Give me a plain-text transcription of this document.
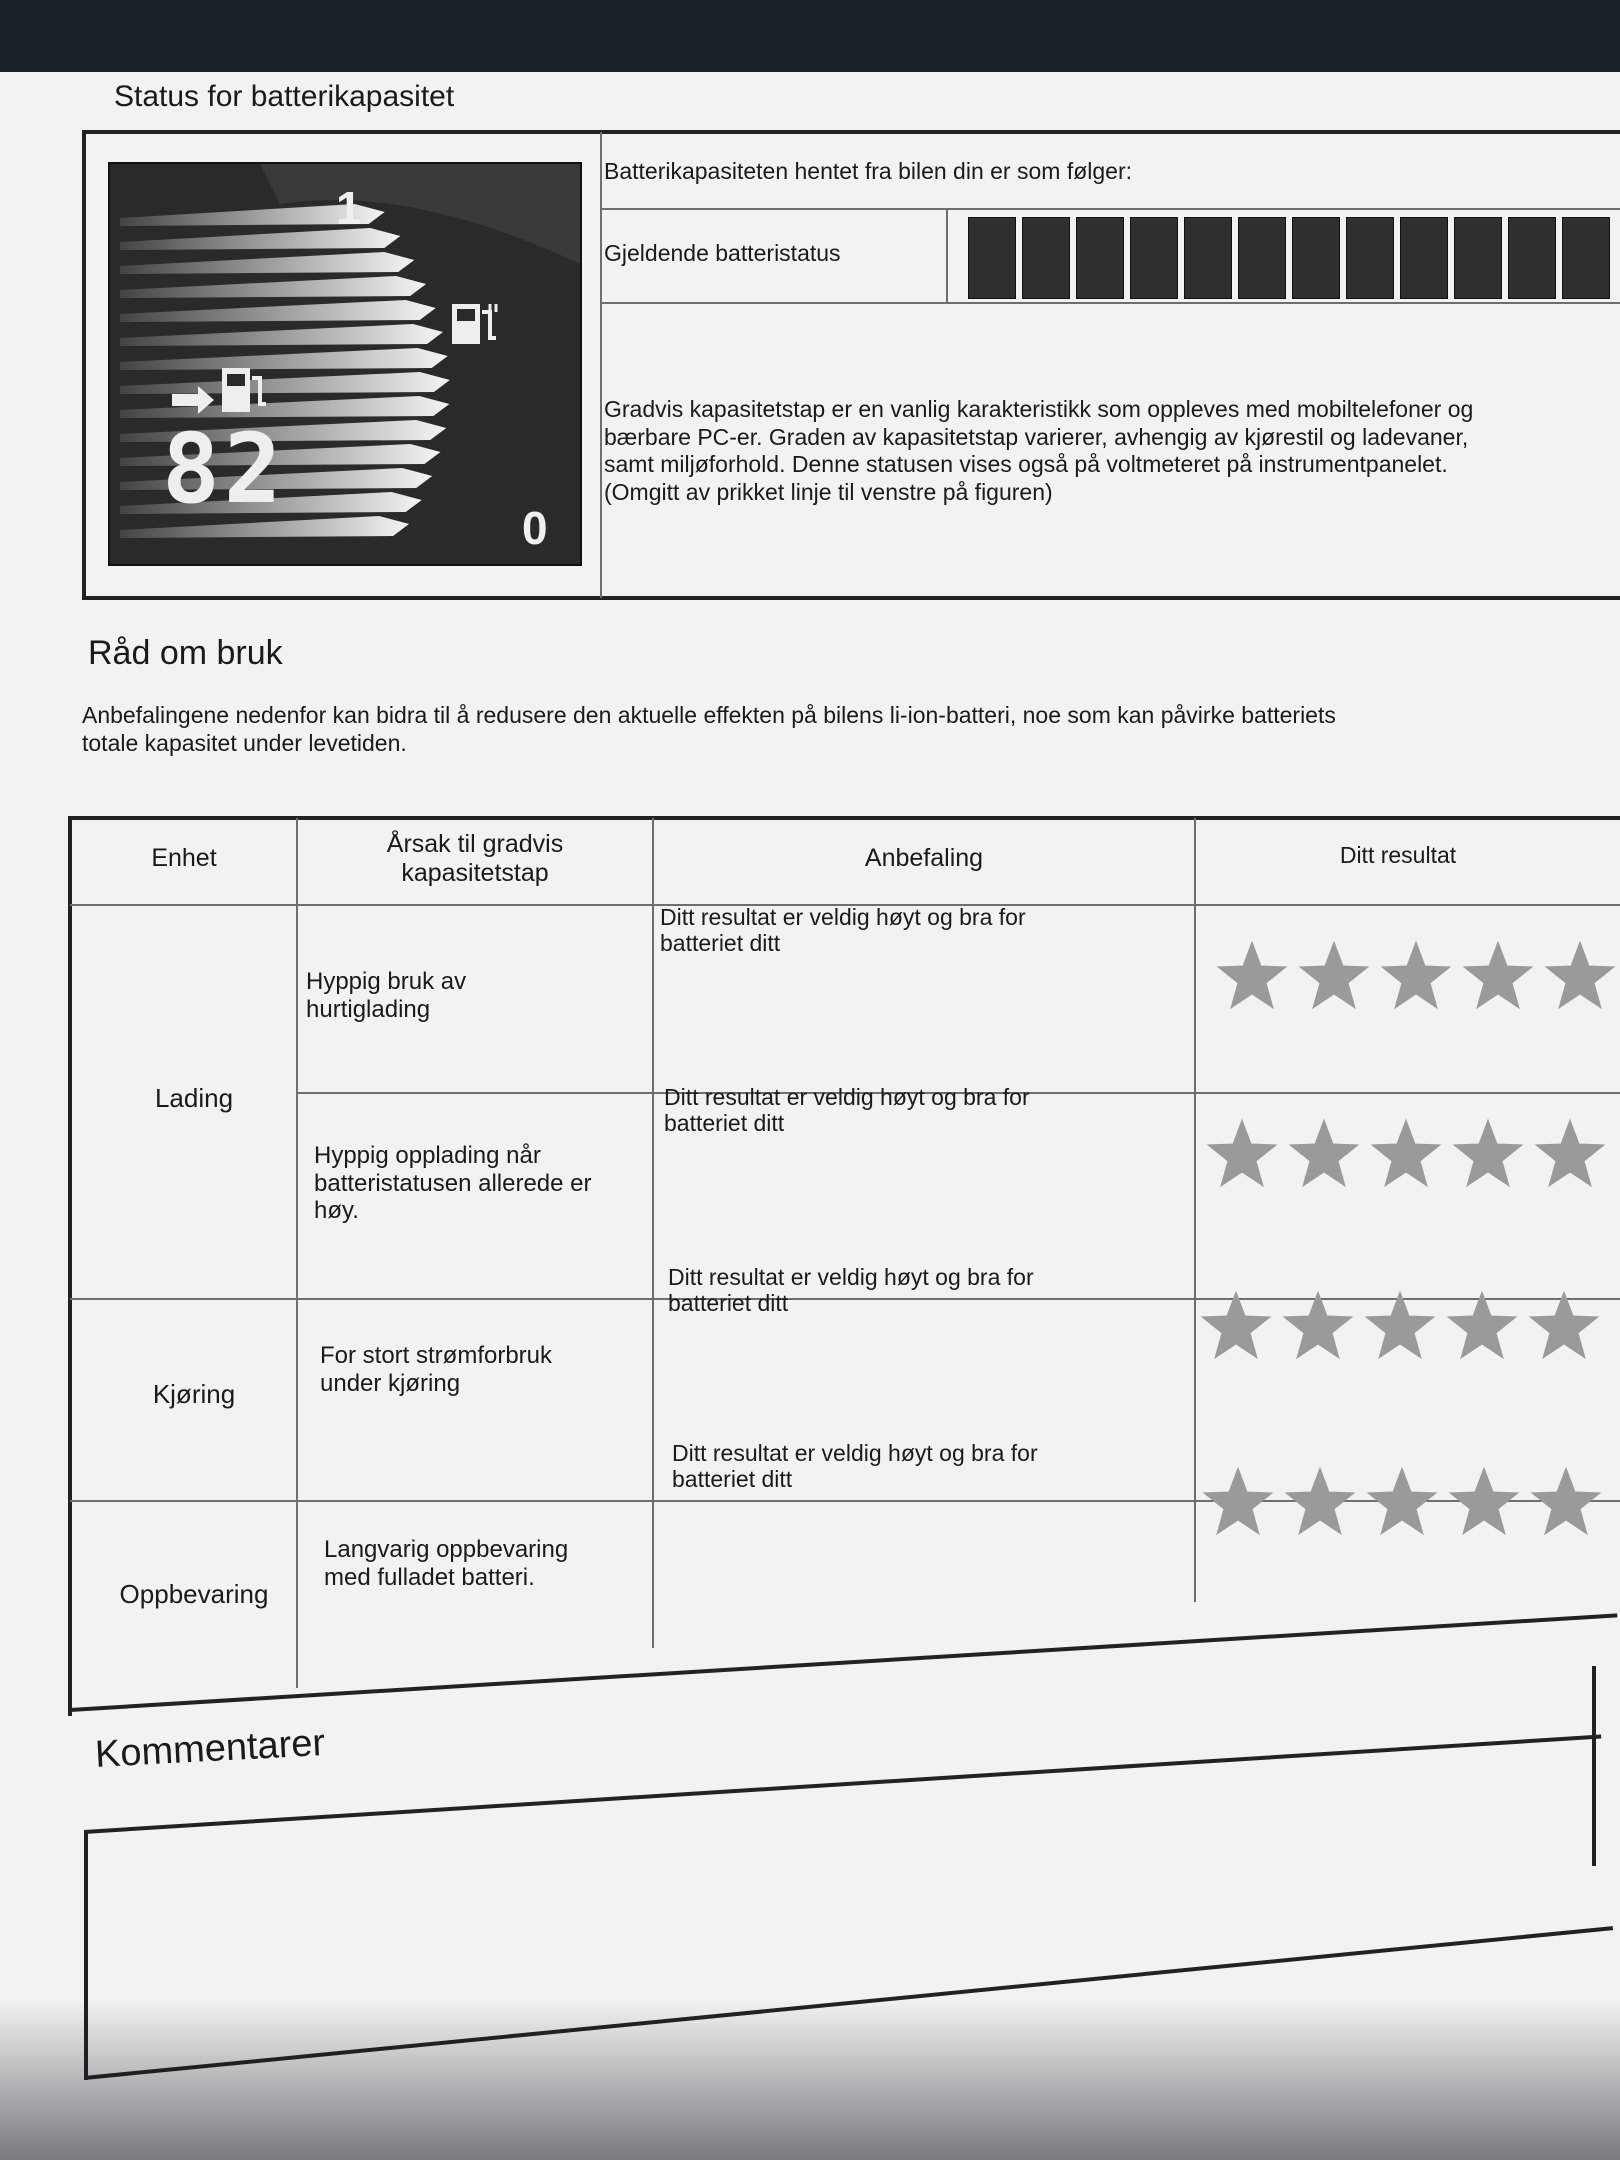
Status for batterikapasitet
1
0
82
Batterikapasiteten hentet fra bilen din er som følger:
Gjeldende batteristatus
Gradvis kapasitetstap er en vanlig karakteristikk som oppleves med mobiltelefoner og
bærbare PC-er. Graden av kapasitetstap varierer, avhengig av kjørestil og ladevaner,
samt miljøforhold. Denne statusen vises også på voltmeteret på instrumentpanelet.
(Omgitt av prikket linje til venstre på figuren)
Råd om bruk
Anbefalingene nedenfor kan bidra til å redusere den aktuelle effekten på bilens li-ion-batteri, noe som kan påvirke batteriets
totale kapasitet under levetiden.
Enhet	Årsak til gradvis
kapasitetstap
Anbefaling	Ditt resultat
Lading
Kjøring
Oppbevaring
Hyppig bruk av
hurtiglading
Hyppig opplading når
batteristatusen allerede er
høy.
For stort strømforbruk
under kjøring
Langvarig oppbevaring
med fulladet batteri.
Ditt resultat er veldig høyt og bra for
batteriet ditt
Ditt resultat er veldig høyt og bra for
batteriet ditt
Ditt resultat er veldig høyt og bra for
batteriet ditt
Ditt resultat er veldig høyt og bra for
batteriet ditt
Kommentarer
